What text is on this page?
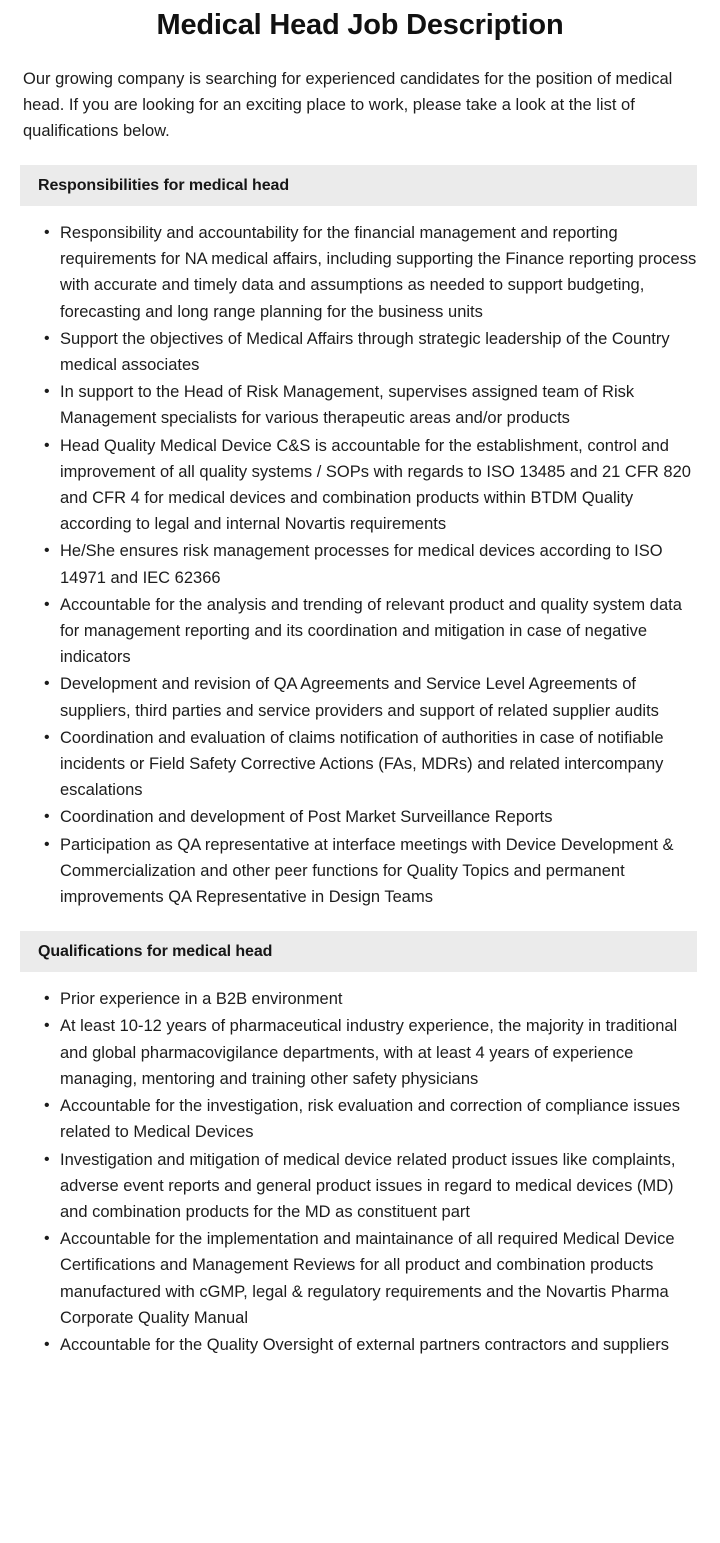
Medical Head Job Description

Our growing company is searching for experienced candidates for the position of medical head. If you are looking for an exciting place to work, please take a look at the list of qualifications below.

Responsibilities for medical head
• Responsibility and accountability for the financial management and reporting requirements for NA medical affairs, including supporting the Finance reporting process with accurate and timely data and assumptions as needed to support budgeting, forecasting and long range planning for the business units
• Support the objectives of Medical Affairs through strategic leadership of the Country medical associates
• In support to the Head of Risk Management, supervises assigned team of Risk Management specialists for various therapeutic areas and/or products
• Head Quality Medical Device C&S is accountable for the establishment, control and improvement of all quality systems / SOPs with regards to ISO 13485 and 21 CFR 820 and CFR 4 for medical devices and combination products within BTDM Quality according to legal and internal Novartis requirements
• He/She ensures risk management processes for medical devices according to ISO 14971 and IEC 62366
• Accountable for the analysis and trending of relevant product and quality system data for management reporting and its coordination and mitigation in case of negative indicators
• Development and revision of QA Agreements and Service Level Agreements of suppliers, third parties and service providers and support of related supplier audits
• Coordination and evaluation of claims notification of authorities in case of notifiable incidents or Field Safety Corrective Actions (FAs, MDRs) and related intercompany escalations
• Coordination and development of Post Market Surveillance Reports
• Participation as QA representative at interface meetings with Device Development & Commercialization and other peer functions for Quality Topics and permanent improvements QA Representative in Design Teams
Qualifications for medical head
• Prior experience in a B2B environment
• At least 10-12 years of pharmaceutical industry experience, the majority in traditional and global pharmacovigilance departments, with at least 4 years of experience managing, mentoring and training other safety physicians
• Accountable for the investigation, risk evaluation and correction of compliance issues related to Medical Devices
• Investigation and mitigation of medical device related product issues like complaints, adverse event reports and general product issues in regard to medical devices (MD) and combination products for the MD as constituent part
• Accountable for the implementation and maintainance of all required Medical Device Certifications and Management Reviews for all product and combination products manufactured with cGMP, legal & regulatory requirements and the Novartis Pharma Corporate Quality Manual
• Accountable for the Quality Oversight of external partners contractors and suppliers
